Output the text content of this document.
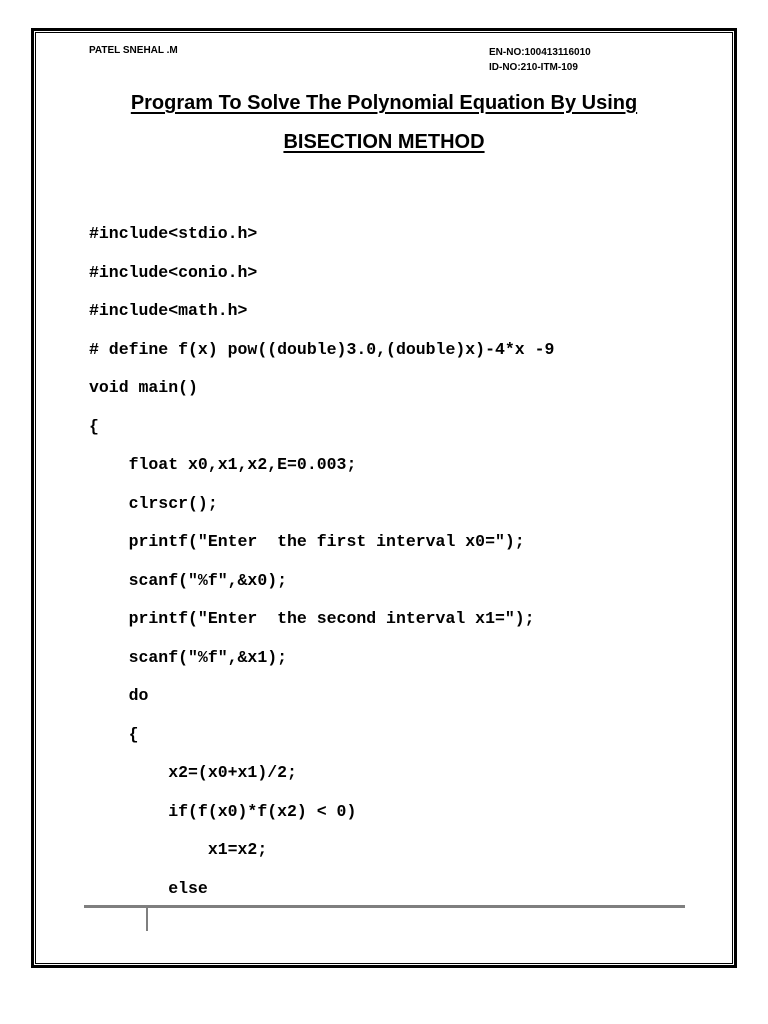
PATEL SNEHAL .M	EN-NO:100413116010
ID-NO:210-ITM-109
Program To Solve The Polynomial Equation By Using
BISECTION METHOD
#include<stdio.h>
#include<conio.h>
#include<math.h>
# define f(x) pow((double)3.0,(double)x)-4*x -9
void main()
{
float x0,x1,x2,E=0.003;
clrscr();
printf("Enter  the first interval x0=");
scanf("%f",&x0);
printf("Enter  the second interval x1=");
scanf("%f",&x1);
do
{
x2=(x0+x1)/2;
if(f(x0)*f(x2) < 0)
x1=x2;
else
